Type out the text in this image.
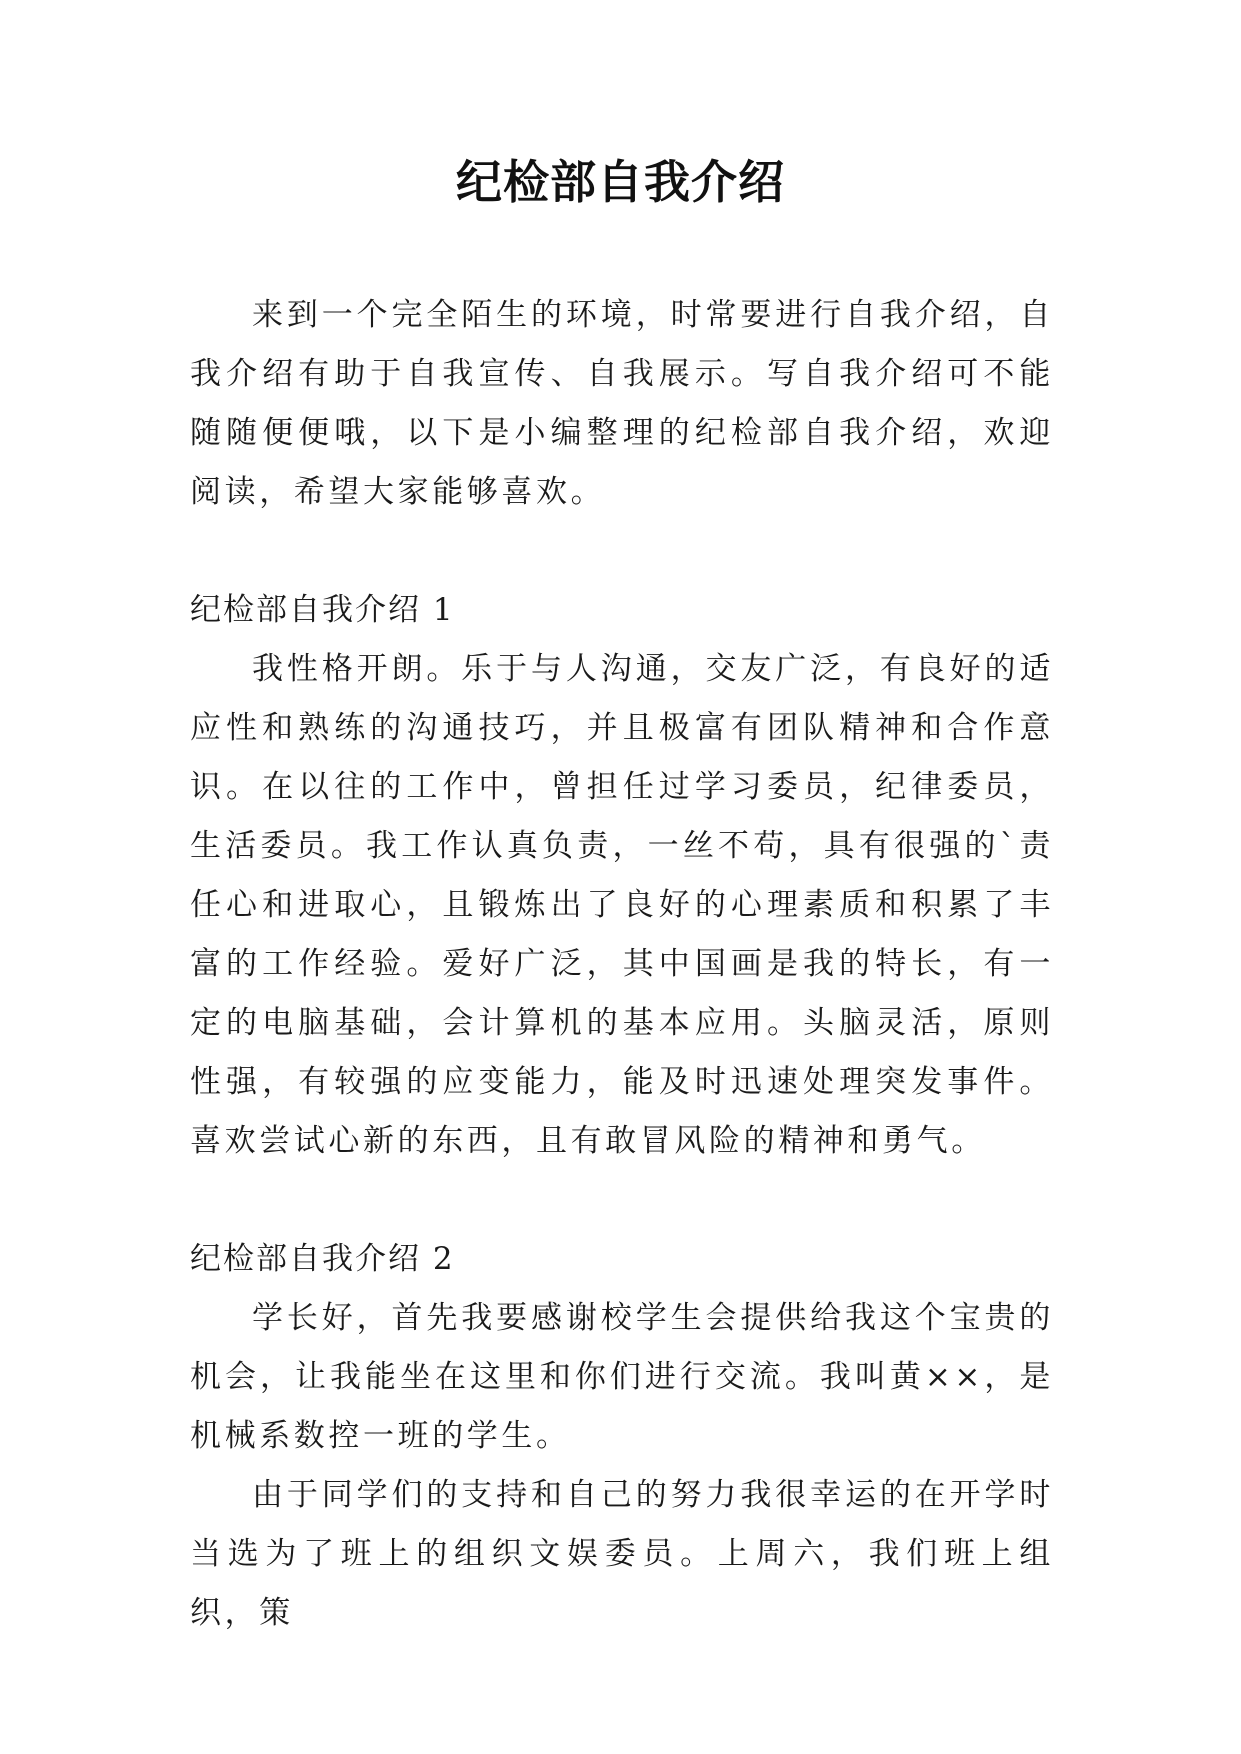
纪检部自我介绍

来到一个完全陌生的环境，时常要进行自我介绍，自我介绍有助于自我宣传、自我展示。写自我介绍可不能随随便便哦，以下是小编整理的纪检部自我介绍，欢迎阅读，希望大家能够喜欢。

纪检部自我介绍 1

我性格开朗。乐于与人沟通，交友广泛，有良好的适应性和熟练的沟通技巧，并且极富有团队精神和合作意识。在以往的工作中，曾担任过学习委员，纪律委员，生活委员。我工作认真负责，一丝不苟，具有很强的`责任心和进取心，且锻炼出了良好的心理素质和积累了丰富的工作经验。爱好广泛，其中国画是我的特长，有一定的电脑基础，会计算机的基本应用。头脑灵活，原则性强，有较强的应变能力，能及时迅速处理突发事件。喜欢尝试心新的东西，且有敢冒风险的精神和勇气。

纪检部自我介绍 2

学长好，首先我要感谢校学生会提供给我这个宝贵的机会，让我能坐在这里和你们进行交流。我叫黄××，是机械系数控一班的学生。

由于同学们的支持和自己的努力我很幸运的在开学时当选为了班上的组织文娱委员。上周六，我们班上组织，策
